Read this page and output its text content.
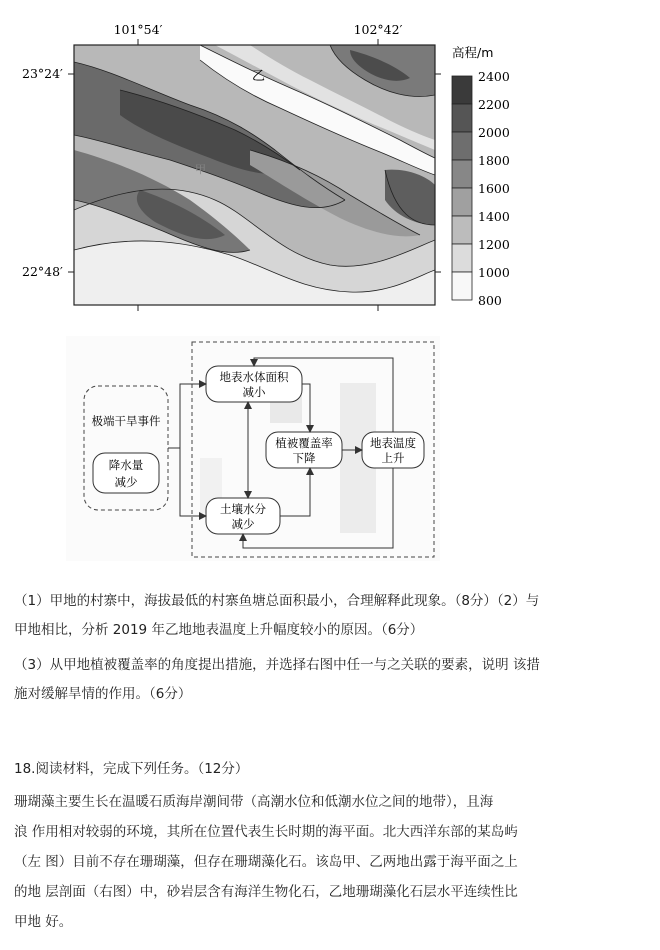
101°54′	102°42′
23°24′
22°48′
乙
甲
高程/m
2400
2200
2000
1800
1600
1400
1200
1000
800
极端干旱事件
降水量
减少
地表水体面积
减小
植被覆盖率
下降
地表温度
上升
土壤水分
减少
（1）甲地的村寨中，海拔最低的村寨鱼塘总面积最小，合理解释此现象。（8分）（2）与
甲地相比，分析 2019 年乙地地表温度上升幅度较小的原因。（6分）
（3）从甲地植被覆盖率的角度提出措施，并选择右图中任一与之关联的要素，说明 该措
施对缓解旱情的作用。（6分）
18.阅读材料，完成下列任务。（12分）
珊瑚藻主要生长在温暖石质海岸潮间带（高潮水位和低潮水位之间的地带），且海
浪 作用相对较弱的环境，其所在位置代表生长时期的海平面。北大西洋东部的某岛屿
（左 图）目前不存在珊瑚藻，但存在珊瑚藻化石。该岛甲、乙两地出露于海平面之上
的地 层剖面（右图）中，砂岩层含有海洋生物化石，乙地珊瑚藻化石层水平连续性比
甲地 好。
